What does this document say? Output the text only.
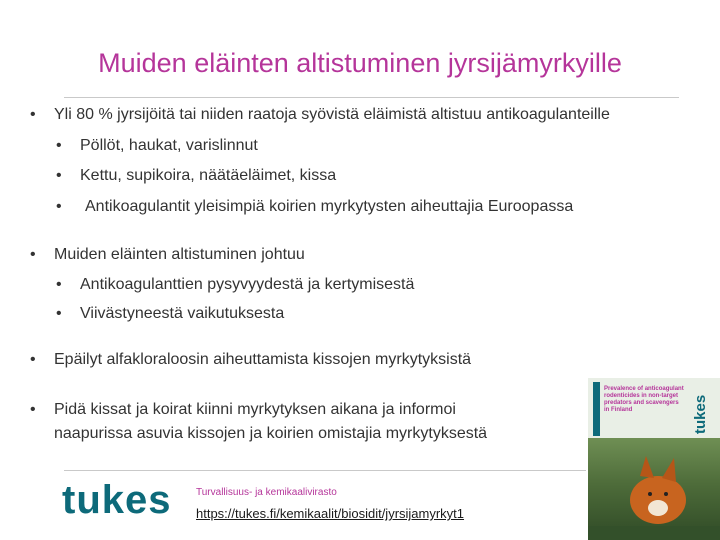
Muiden eläinten altistuminen jyrsijämyrkyille
• Yli 80 % jyrsijöitä tai niiden raatoja syövistä eläimistä altistuu antikoagulanteille
• Pöllöt, haukat, varislinnut
• Kettu, supikoira, näätäeläimet, kissa
• Antikoagulantit yleisimpiä koirien myrkytysten aiheuttajia Euroopassa
• Muiden eläinten altistuminen johtuu
• Antikoagulanttien pysyvyydestä ja kertymisestä
• Viivästyneestä vaikutuksesta
• Epäilyt alfakloraloosin aiheuttamista kissojen myrkytyksistä
• Pidä kissat ja koirat kiinni myrkytyksen aikana ja informoi naapurissa asuvia kissojen ja koirien omistajia myrkytyksestä
Prevalence of anticoagulant rodenticides in non-target predators and scavengers in Finland	tukes
tukes Turvallisuus- ja kemikaalivirasto
https://tukes.fi/kemikaalit/biosidit/jyrsijamyrkyt1
